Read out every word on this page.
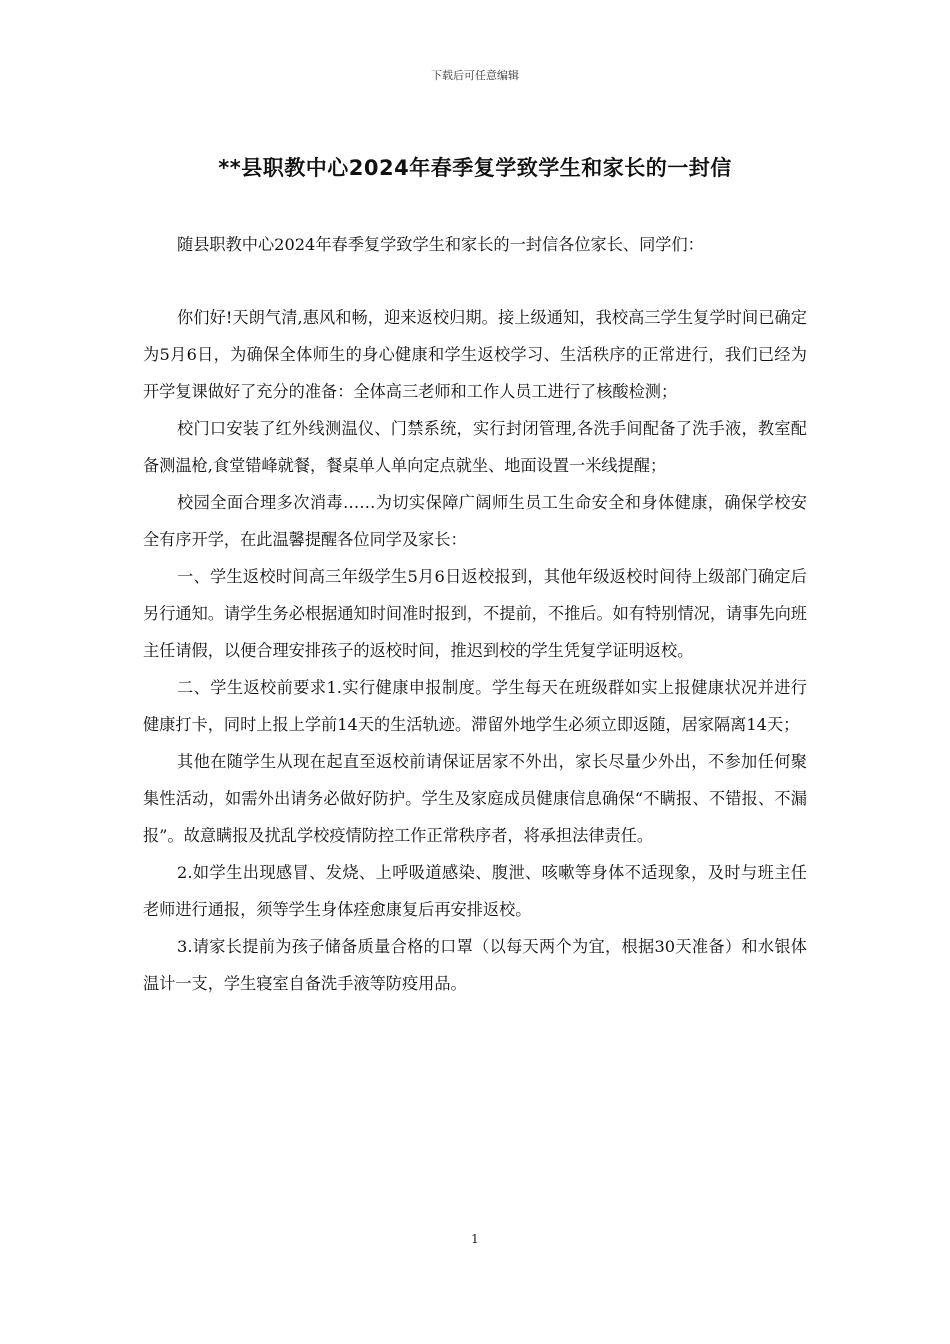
下载后可任意编辑
**县职教中心2024年春季复学致学生和家长的一封信

随县职教中心2024年春季复学致学生和家长的一封信各位家长、同学们：

你们好!天朗气清,惠风和畅，迎来返校归期。接上级通知，我校高三学生复学时间已确定为5月6日，为确保全体师生的身心健康和学生返校学习、生活秩序的正常进行，我们已经为开学复课做好了充分的准备：全体高三老师和工作人员工进行了核酸检测；

校门口安装了红外线测温仪、门禁系统，实行封闭管理,各洗手间配备了洗手液，教室配备测温枪,食堂错峰就餐，餐桌单人单向定点就坐、地面设置一米线提醒；

校园全面合理多次消毒……为切实保障广阔师生员工生命安全和身体健康，确保学校安全有序开学，在此温馨提醒各位同学及家长：

一、学生返校时间高三年级学生5月6日返校报到，其他年级返校时间待上级部门确定后另行通知。请学生务必根据通知时间准时报到，不提前，不推后。如有特别情况，请事先向班主任请假，以便合理安排孩子的返校时间，推迟到校的学生凭复学证明返校。

二、学生返校前要求1.实行健康申报制度。学生每天在班级群如实上报健康状况并进行健康打卡，同时上报上学前14天的生活轨迹。滞留外地学生必须立即返随，居家隔离14天；

其他在随学生从现在起直至返校前请保证居家不外出，家长尽量少外出，不参加任何聚集性活动，如需外出请务必做好防护。学生及家庭成员健康信息确保“不瞒报、不错报、不漏报”。故意瞒报及扰乱学校疫情防控工作正常秩序者，将承担法律责任。

2.如学生出现感冒、发烧、上呼吸道感染、腹泄、咳嗽等身体不适现象，及时与班主任老师进行通报，须等学生身体痊愈康复后再安排返校。

3.请家长提前为孩子储备质量合格的口罩（以每天两个为宜，根据30天准备）和水银体温计一支，学生寝室自备洗手液等防疫用品。

1
